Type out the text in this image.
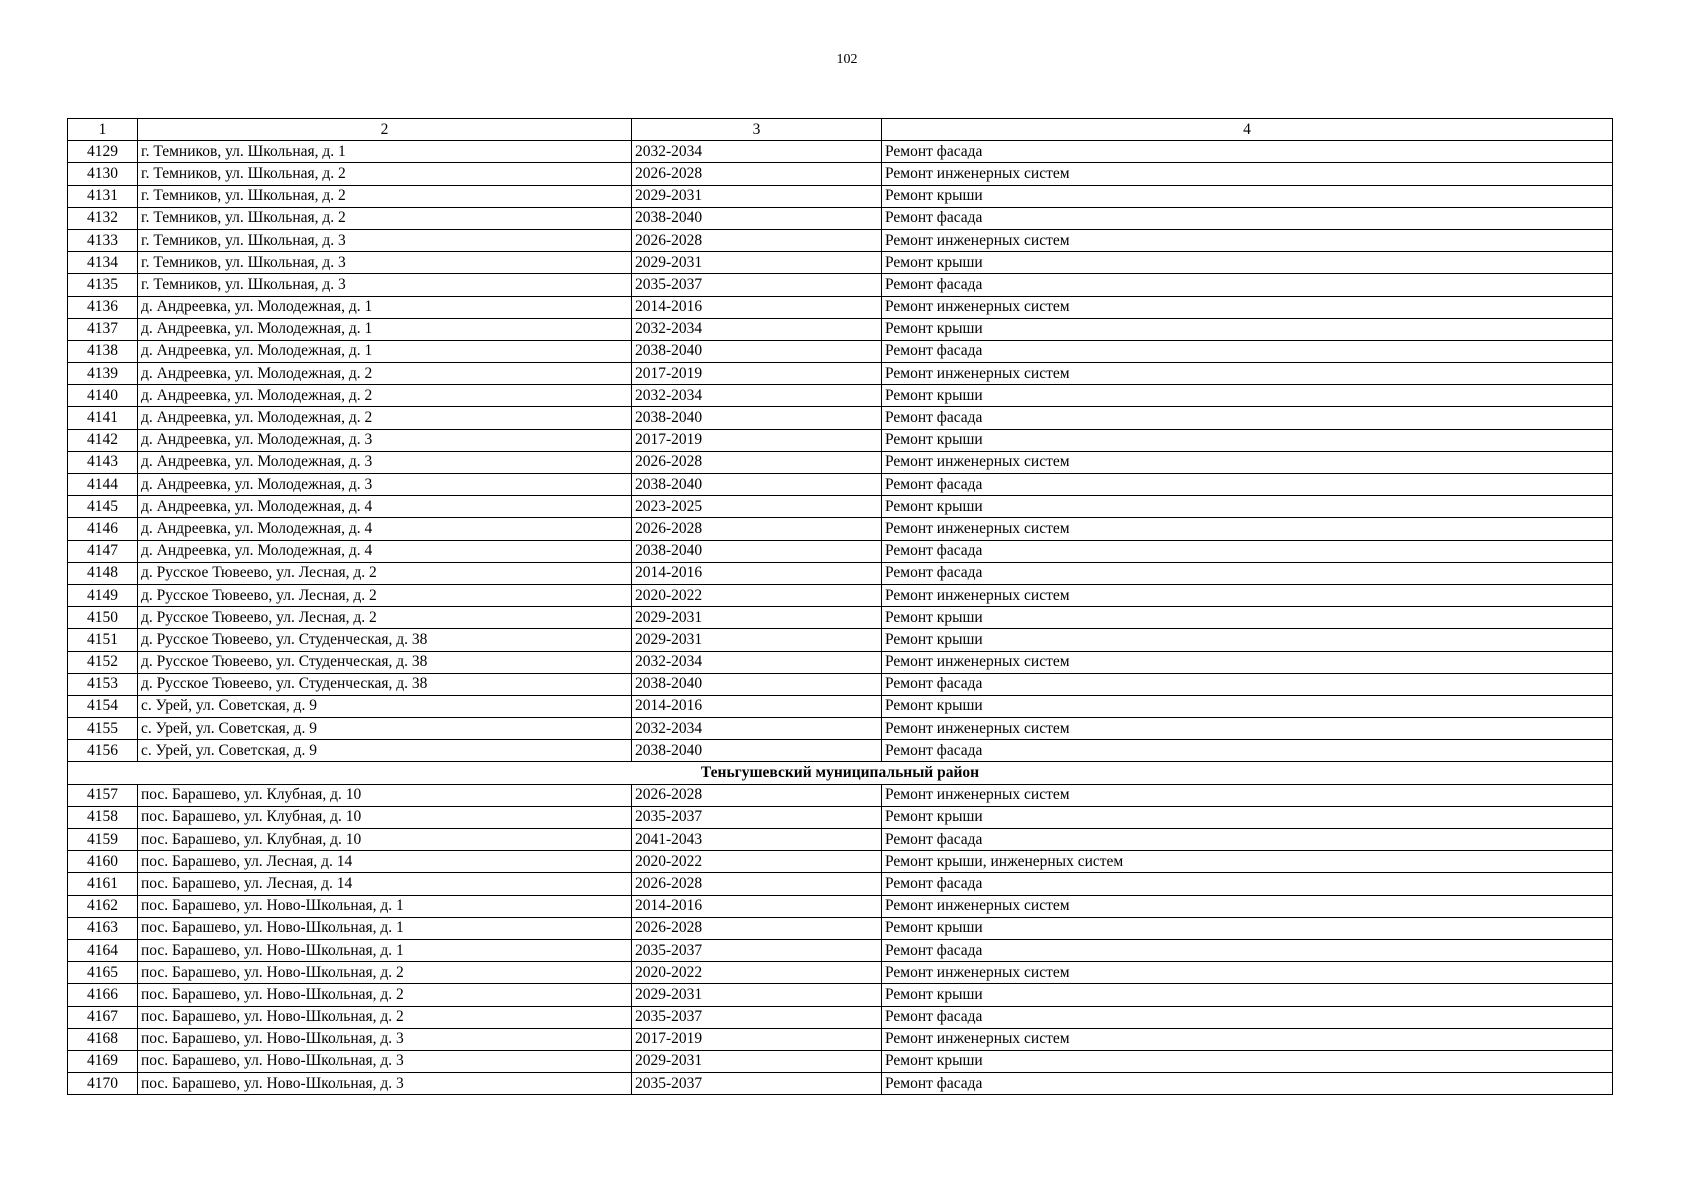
102
1	2	3	4
4129	г. Темников, ул. Школьная, д. 1	2032-2034	Ремонт фасада
4130	г. Темников, ул. Школьная, д. 2	2026-2028	Ремонт инженерных систем
4131	г. Темников, ул. Школьная, д. 2	2029-2031	Ремонт крыши
4132	г. Темников, ул. Школьная, д. 2	2038-2040	Ремонт фасада
4133	г. Темников, ул. Школьная, д. 3	2026-2028	Ремонт инженерных систем
4134	г. Темников, ул. Школьная, д. 3	2029-2031	Ремонт крыши
4135	г. Темников, ул. Школьная, д. 3	2035-2037	Ремонт фасада
4136	д. Андреевка, ул. Молодежная, д. 1	2014-2016	Ремонт инженерных систем
4137	д. Андреевка, ул. Молодежная, д. 1	2032-2034	Ремонт крыши
4138	д. Андреевка, ул. Молодежная, д. 1	2038-2040	Ремонт фасада
4139	д. Андреевка, ул. Молодежная, д. 2	2017-2019	Ремонт инженерных систем
4140	д. Андреевка, ул. Молодежная, д. 2	2032-2034	Ремонт крыши
4141	д. Андреевка, ул. Молодежная, д. 2	2038-2040	Ремонт фасада
4142	д. Андреевка, ул. Молодежная, д. 3	2017-2019	Ремонт крыши
4143	д. Андреевка, ул. Молодежная, д. 3	2026-2028	Ремонт инженерных систем
4144	д. Андреевка, ул. Молодежная, д. 3	2038-2040	Ремонт фасада
4145	д. Андреевка, ул. Молодежная, д. 4	2023-2025	Ремонт крыши
4146	д. Андреевка, ул. Молодежная, д. 4	2026-2028	Ремонт инженерных систем
4147	д. Андреевка, ул. Молодежная, д. 4	2038-2040	Ремонт фасада
4148	д. Русское Тювеево, ул. Лесная, д. 2	2014-2016	Ремонт фасада
4149	д. Русское Тювеево, ул. Лесная, д. 2	2020-2022	Ремонт инженерных систем
4150	д. Русское Тювеево, ул. Лесная, д. 2	2029-2031	Ремонт крыши
4151	д. Русское Тювеево, ул. Студенческая, д. 38	2029-2031	Ремонт крыши
4152	д. Русское Тювеево, ул. Студенческая, д. 38	2032-2034	Ремонт инженерных систем
4153	д. Русское Тювеево, ул. Студенческая, д. 38	2038-2040	Ремонт фасада
4154	с. Урей, ул. Советская, д. 9	2014-2016	Ремонт крыши
4155	с. Урей, ул. Советская, д. 9	2032-2034	Ремонт инженерных систем
4156	с. Урей, ул. Советская, д. 9	2038-2040	Ремонт фасада
Теньгушевский муниципальный район			
4157	пос. Барашево, ул. Клубная, д. 10	2026-2028	Ремонт инженерных систем
4158	пос. Барашево, ул. Клубная, д. 10	2035-2037	Ремонт крыши
4159	пос. Барашево, ул. Клубная, д. 10	2041-2043	Ремонт фасада
4160	пос. Барашево, ул. Лесная, д. 14	2020-2022	Ремонт крыши, инженерных систем
4161	пос. Барашево, ул. Лесная, д. 14	2026-2028	Ремонт фасада
4162	пос. Барашево, ул. Ново-Школьная, д. 1	2014-2016	Ремонт инженерных систем
4163	пос. Барашево, ул. Ново-Школьная, д. 1	2026-2028	Ремонт крыши
4164	пос. Барашево, ул. Ново-Школьная, д. 1	2035-2037	Ремонт фасада
4165	пос. Барашево, ул. Ново-Школьная, д. 2	2020-2022	Ремонт инженерных систем
4166	пос. Барашево, ул. Ново-Школьная, д. 2	2029-2031	Ремонт крыши
4167	пос. Барашево, ул. Ново-Школьная, д. 2	2035-2037	Ремонт фасада
4168	пос. Барашево, ул. Ново-Школьная, д. 3	2017-2019	Ремонт инженерных систем
4169	пос. Барашево, ул. Ново-Школьная, д. 3	2029-2031	Ремонт крыши
4170	пос. Барашево, ул. Ново-Школьная, д. 3	2035-2037	Ремонт фасада
